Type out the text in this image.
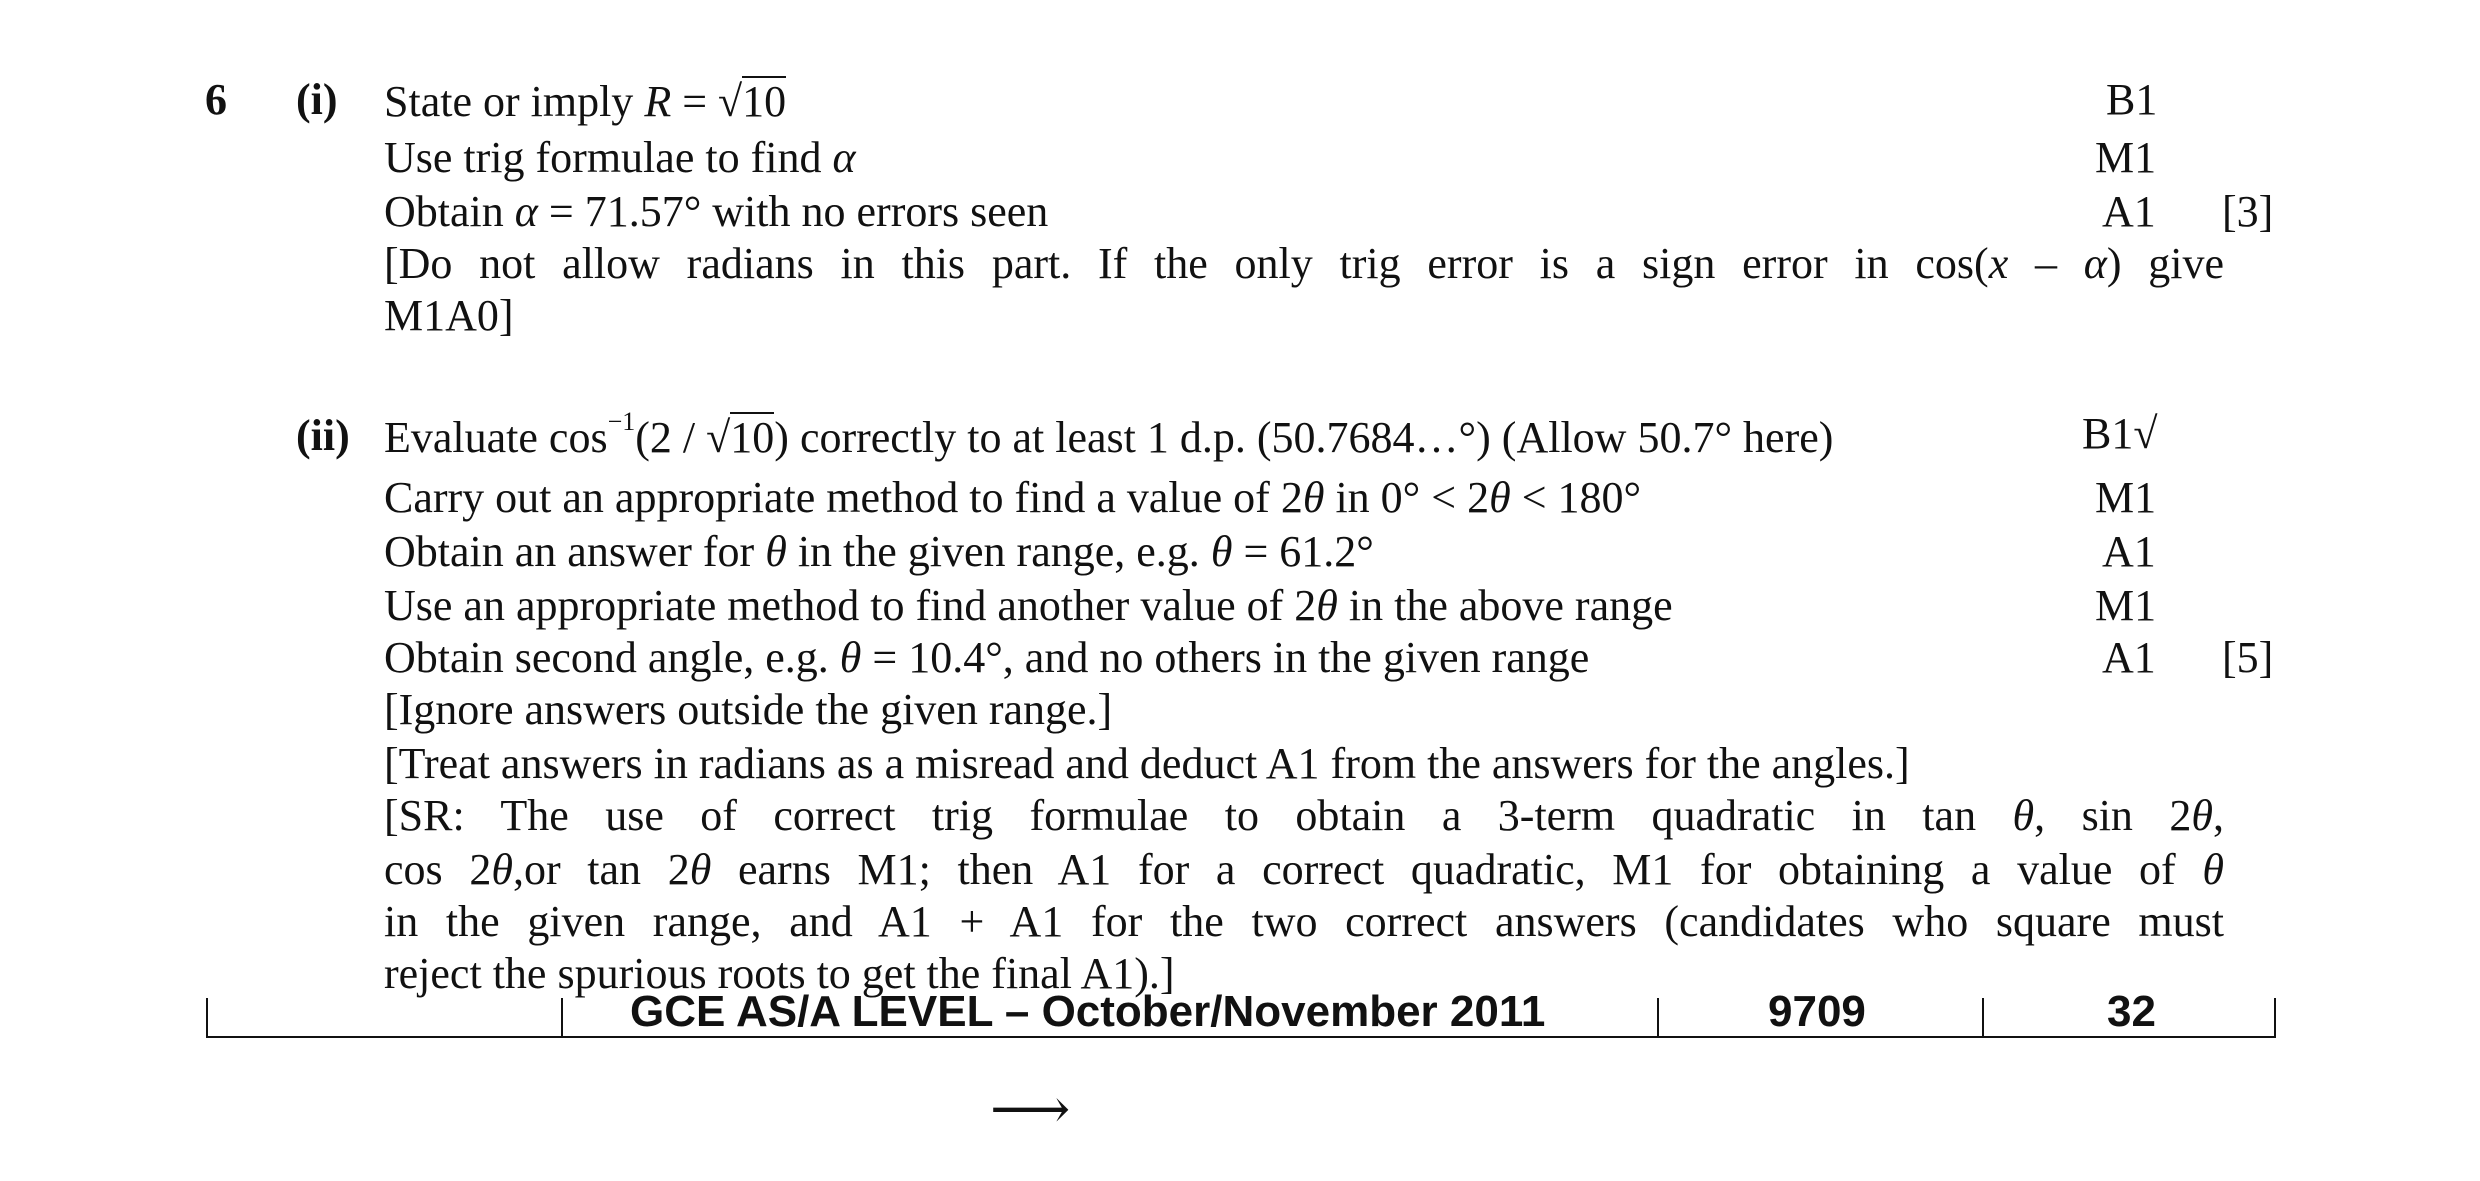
6 (i) State or imply R = √10
Use trig formulae to find α
Obtain α = 71.57° with no errors seen
[Do not allow radians in this part. If the only trig error is a sign error in cos(x – α) give
M1A0]
B1
M1
A1 [3]
(ii) Evaluate $\cos^{-1}(2 / √10)$ correctly to at least 1 d.p. (50.7684…°) (Allow 50.7° here)
Carry out an appropriate method to find a value of 2θ in 0° < 2θ < 180°
Obtain an answer for θ in the given range, e.g. θ = 61.2°
Use an appropriate method to find another value of 2θ in the above range
Obtain second angle, e.g. θ = 10.4°, and no others in the given range
[Ignore answers outside the given range.]
[Treat answers in radians as a misread and deduct A1 from the answers for the angles.]
[SR: The use of correct trig formulae to obtain a 3-term quadratic in tan θ, sin 2θ,
cos 2θ,or tan 2θ earns M1; then A1 for a correct quadratic, M1 for obtaining a value of θ
in the given range, and A1 + A1 for the two correct answers (candidates who square must
reject the spurious roots to get the final A1).]
B1√
M1
A1
M1
A1 [5]
GCE AS/A LEVEL – October/November 2011	9709	32
⟶
